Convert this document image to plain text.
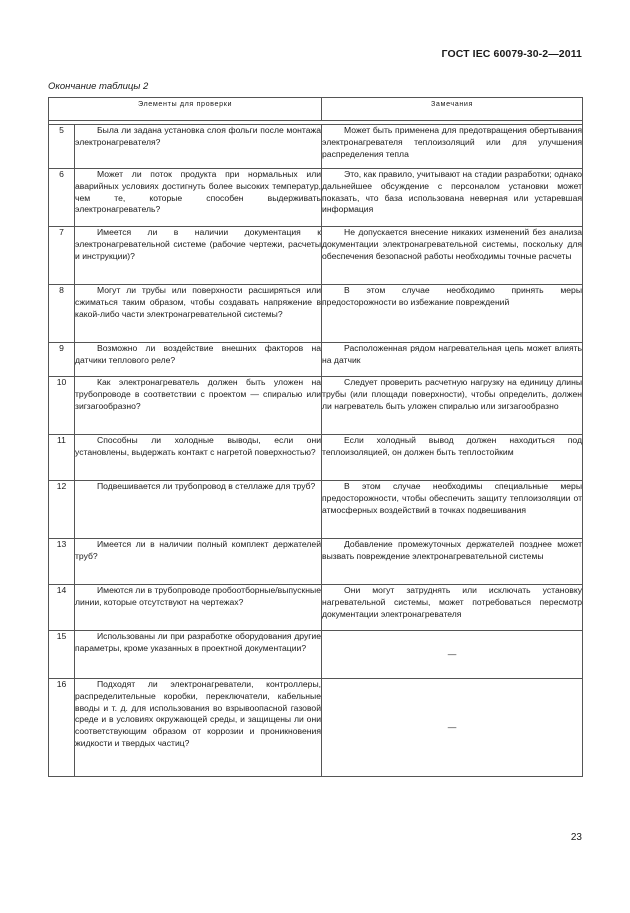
ГОСТ IEC 60079-30-2—2011
Окончание таблицы 2
Элементы для проверки		Замечания

5	Была ли задана установка слоя фольги после монтажа электронагревателя?	Может быть применена для предотвращения обертывания электронагревателя теплоизоляций или для улучшения распределения тепла
6	Может ли поток продукта при нормальных или аварийных условиях достигнуть более высоких температур, чем те, которые способен выдерживать электронагреватель?	Это, как правило, учитывают на стадии разработки; однако дальнейшее обсуждение с персоналом установки может показать, что база использована неверная или устаревшая информация
7	Имеется ли в наличии документация к электронагревательной системе (рабочие чертежи, расчеты и инструкции)?	Не допускается внесение никаких изменений без анализа документации электронагревательной системы, поскольку для обеспечения безопасной работы необходимы точные расчеты
8	Могут ли трубы или поверхности расширяться или сжиматься таким образом, чтобы создавать напряжение в какой-либо части электронагревательной системы?	В этом случае необходимо принять меры предосторожности во избежание повреждений
9	Возможно ли воздействие внешних факторов на датчики теплового реле?	Расположенная рядом нагревательная цепь может влиять на датчик
10	Как электронагреватель должен быть уложен на трубопроводе в соответствии с проектом — спиралью или зигзагообразно?	Следует проверить расчетную нагрузку на единицу длины трубы (или площади поверхности), чтобы определить, должен ли нагреватель быть уложен спиралью или зигзагообразно
11	Способны ли холодные выводы, если они установлены, выдержать контакт с нагретой поверхностью?	Если холодный вывод должен находиться под теплоизоляцией, он должен быть теплостойким
12	Подвешивается ли трубопровод в стеллаже для труб?	В этом случае необходимы специальные меры предосторожности, чтобы обеспечить защиту теплоизоляции от атмосферных воздействий в точках подвешивания
13	Имеется ли в наличии полный комплект держателей труб?	Добавление промежуточных держателей позднее может вызвать повреждение электронагревательной системы
14	Имеются ли в трубопроводе пробоотборные/выпускные линии, которые отсутствуют на чертежах?	Они могут затруднять или исключать установку нагревательной системы, может потребоваться пересмотр документации электронагревателя
15	Использованы ли при разработке оборудования другие параметры, кроме указанных в проектной документации?	—
16	Подходят ли электронагреватели, контроллеры, распределительные коробки, переключатели, кабельные вводы и т. д. для использования во взрывоопасной газовой среде и в условиях окружающей среды, и защищены ли они соответствующим образом от коррозии и проникновения жидкости и твердых частиц?	—
23
